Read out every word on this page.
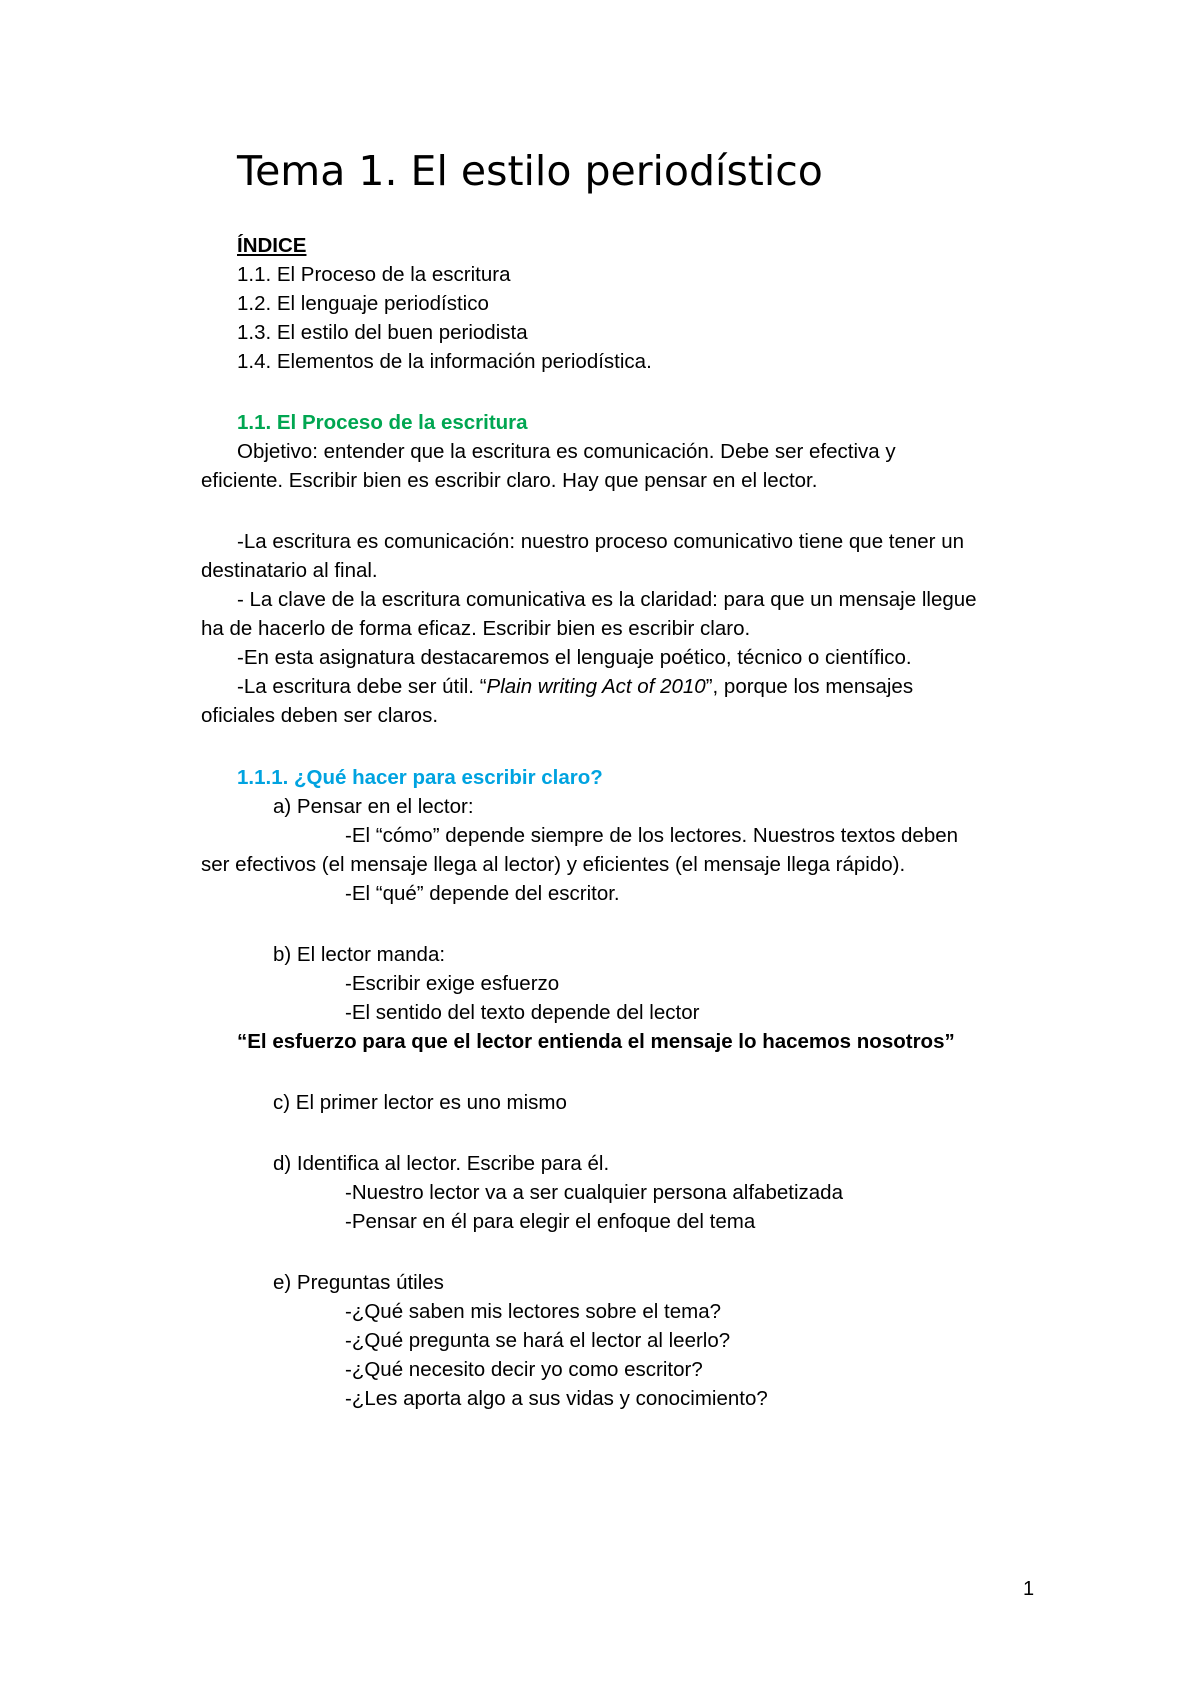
Tema 1. El estilo periodístico
ÍNDICE
1.1. El Proceso de la escritura
1.2. El lenguaje periodístico
1.3. El estilo del buen periodista
1.4. Elementos de la información periodística.
1.1. El Proceso de la escritura
Objetivo: entender que la escritura es comunicación. Debe ser efectiva y
eficiente. Escribir bien es escribir claro. Hay que pensar en el lector.
-La escritura es comunicación: nuestro proceso comunicativo tiene que tener un
destinatario al final.
- La clave de la escritura comunicativa es la claridad: para que un mensaje llegue
ha de hacerlo de forma eficaz. Escribir bien es escribir claro.
-En esta asignatura destacaremos el lenguaje poético, técnico o científico.
-La escritura debe ser útil. “Plain writing Act of 2010”, porque los mensajes
oficiales deben ser claros.
1.1.1. ¿Qué hacer para escribir claro?
a) Pensar en el lector:
-El “cómo” depende siempre de los lectores. Nuestros textos deben
ser efectivos (el mensaje llega al lector) y eficientes (el mensaje llega rápido).
-El “qué” depende del escritor.
b) El lector manda:
-Escribir exige esfuerzo
-El sentido del texto depende del lector
“El esfuerzo para que el lector entienda el mensaje lo hacemos nosotros”
c) El primer lector es uno mismo
d) Identifica al lector. Escribe para él.
-Nuestro lector va a ser cualquier persona alfabetizada
-Pensar en él para elegir el enfoque del tema
e) Preguntas útiles
-¿Qué saben mis lectores sobre el tema?
-¿Qué pregunta se hará el lector al leerlo?
-¿Qué necesito decir yo como escritor?
-¿Les aporta algo a sus vidas y conocimiento?
1
